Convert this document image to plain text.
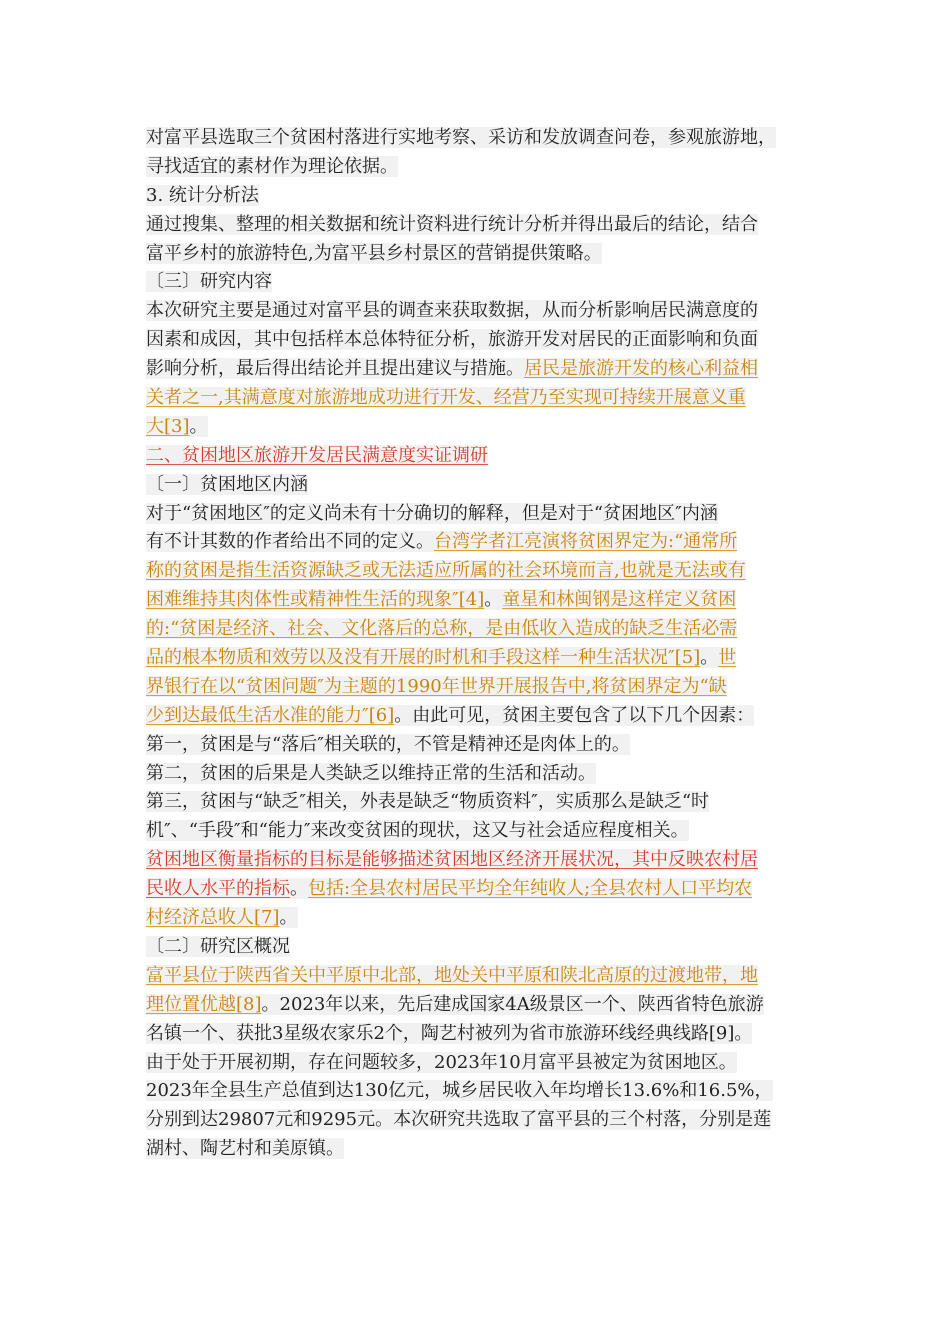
对富平县选取三个贫困村落进行实地考察、采访和发放调查问卷，参观旅游地，
寻找适宜的素材作为理论依据。
3. 统计分析法
通过搜集、整理的相关数据和统计资料进行统计分析并得出最后的结论，结合
富平乡村的旅游特色,为富平县乡村景区的营销提供策略。
〔三〕研究内容
本次研究主要是通过对富平县的调查来获取数据，从而分析影响居民满意度的
因素和成因，其中包括样本总体特征分析，旅游开发对居民的正面影响和负面
影响分析，最后得出结论并且提出建议与措施。居民是旅游开发的核心利益相
关者之一,其满意度对旅游地成功进行开发、经营乃至实现可持续开展意义重
大[3]。
二、贫困地区旅游开发居民满意度实证调研
〔一〕贫困地区内涵
对于“贫困地区″的定义尚未有十分确切的解释，但是对于“贫困地区″内涵
有不计其数的作者给出不同的定义。台湾学者江亮演将贫困界定为:“通常所
称的贫困是指生活资源缺乏或无法适应所属的社会环境而言,也就是无法或有
困难维持其肉体性或精神性生活的现象″[4]。童星和林闽钢是这样定义贫困
的:“贫困是经济、社会、文化落后的总称，是由低收入造成的缺乏生活必需
品的根本物质和效劳以及没有开展的时机和手段这样一种生活状况″[5]。世
界银行在以“贫困问题″为主题的1990年世界开展报告中,将贫困界定为“缺
少到达最低生活水准的能力″[6]。由此可见，贫困主要包含了以下几个因素：
第一，贫困是与“落后″相关联的，不管是精神还是肉体上的。
第二，贫困的后果是人类缺乏以维持正常的生活和活动。
第三，贫困与“缺乏″相关，外表是缺乏“物质资料″，实质那么是缺乏“时
机″、“手段″和“能力″来改变贫困的现状，这又与社会适应程度相关。
贫困地区衡量指标的目标是能够描述贫困地区经济开展状况，其中反映农村居
民收人水平的指标。包括:全县农村居民平均全年纯收人;全县农村人口平均农
村经济总收人[7]。
〔二〕研究区概况
富平县位于陕西省关中平原中北部，地处关中平原和陕北高原的过渡地带，地
理位置优越[8]。2023年以来，先后建成国家4A级景区一个、陕西省特色旅游
名镇一个、获批3星级农家乐2个，陶艺村被列为省市旅游环线经典线路[9]。
由于处于开展初期，存在问题较多，2023年10月富平县被定为贫困地区。
2023年全县生产总值到达130亿元，城乡居民收入年均增长13.6%和16.5%，
分别到达29807元和9295元。本次研究共选取了富平县的三个村落，分别是莲
湖村、陶艺村和美原镇。
